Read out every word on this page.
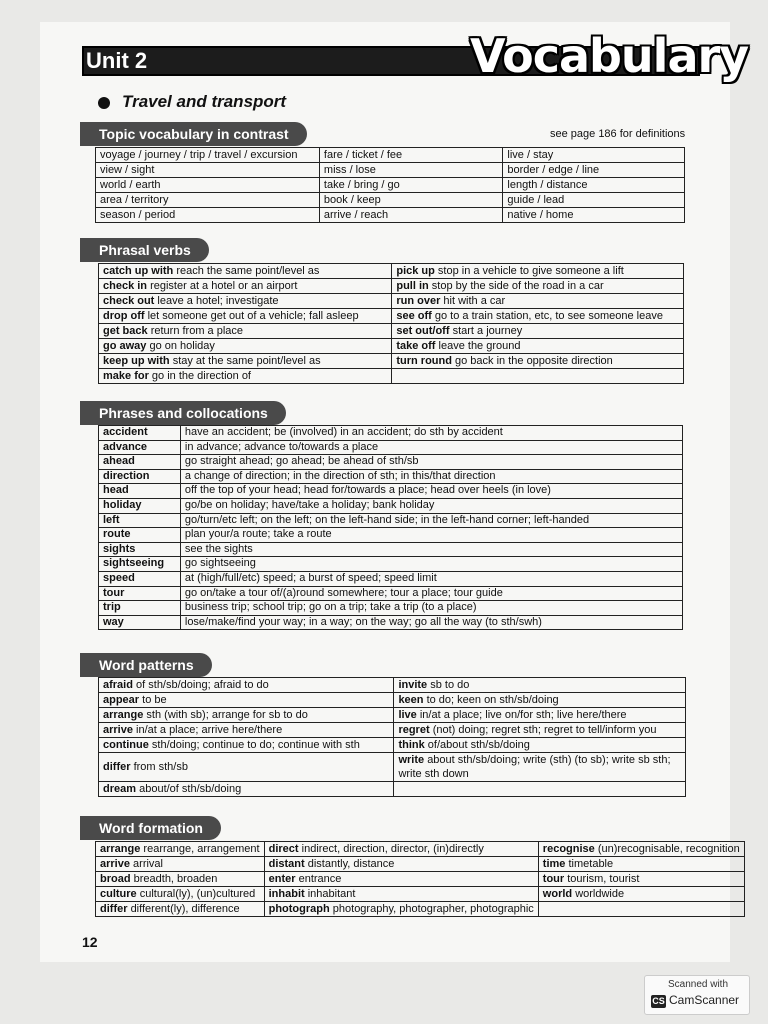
Unit 2	Vocabulary
Travel and transport
Topic vocabulary in contrast	see page 186 for definitions
voyage / journey / trip / travel / excursion	fare / ticket / fee	live / stay
view / sight	miss / lose	border / edge / line
world / earth	take / bring / go	length / distance
area / territory	book / keep	guide / lead
season / period	arrive / reach	native / home
Phrasal verbs
catch up with reach the same point/level as	pick up stop in a vehicle to give someone a lift
check in register at a hotel or an airport	pull in stop by the side of the road in a car
check out leave a hotel; investigate	run over hit with a car
drop off let someone get out of a vehicle; fall asleep	see off go to a train station, etc, to see someone leave
get back return from a place	set out/off start a journey
go away go on holiday	take off leave the ground
keep up with stay at the same point/level as	turn round go back in the opposite direction
make for go in the direction of	
Phrases and collocations
accident	have an accident; be (involved) in an accident; do sth by accident
advance	in advance; advance to/towards a place
ahead	go straight ahead; go ahead; be ahead of sth/sb
direction	a change of direction; in the direction of sth; in this/that direction
head	off the top of your head; head for/towards a place; head over heels (in love)
holiday	go/be on holiday; have/take a holiday; bank holiday
left	go/turn/etc left; on the left; on the left-hand side; in the left-hand corner; left-handed
route	plan your/a route; take a route
sights	see the sights
sightseeing	go sightseeing
speed	at (high/full/etc) speed; a burst of speed; speed limit
tour	go on/take a tour of/(a)round somewhere; tour a place; tour guide
trip	business trip; school trip; go on a trip; take a trip (to a place)
way	lose/make/find your way; in a way; on the way; go all the way (to sth/swh)
Word patterns
afraid of sth/sb/doing; afraid to do	invite sb to do
appear to be	keen to do; keen on sth/sb/doing
arrange sth (with sb); arrange for sb to do	live in/at a place; live on/for sth; live here/there
arrive in/at a place; arrive here/there	regret (not) doing; regret sth; regret to tell/inform you
continue sth/doing; continue to do; continue with sth	think of/about sth/sb/doing
differ from sth/sb	write about sth/sb/doing; write (sth) (to sb); write sb sth; write sth down
dream about/of sth/sb/doing	
Word formation
arrange rearrange, arrangement	direct indirect, direction, director, (in)directly	recognise (un)recognisable, recognition
arrive arrival	distant distantly, distance	time timetable
broad breadth, broaden	enter entrance	tour tourism, tourist
culture cultural(ly), (un)cultured	inhabit inhabitant	world worldwide
differ different(ly), difference	photograph photography, photographer, photographic	
12
Scanned with
CS CamScanner
